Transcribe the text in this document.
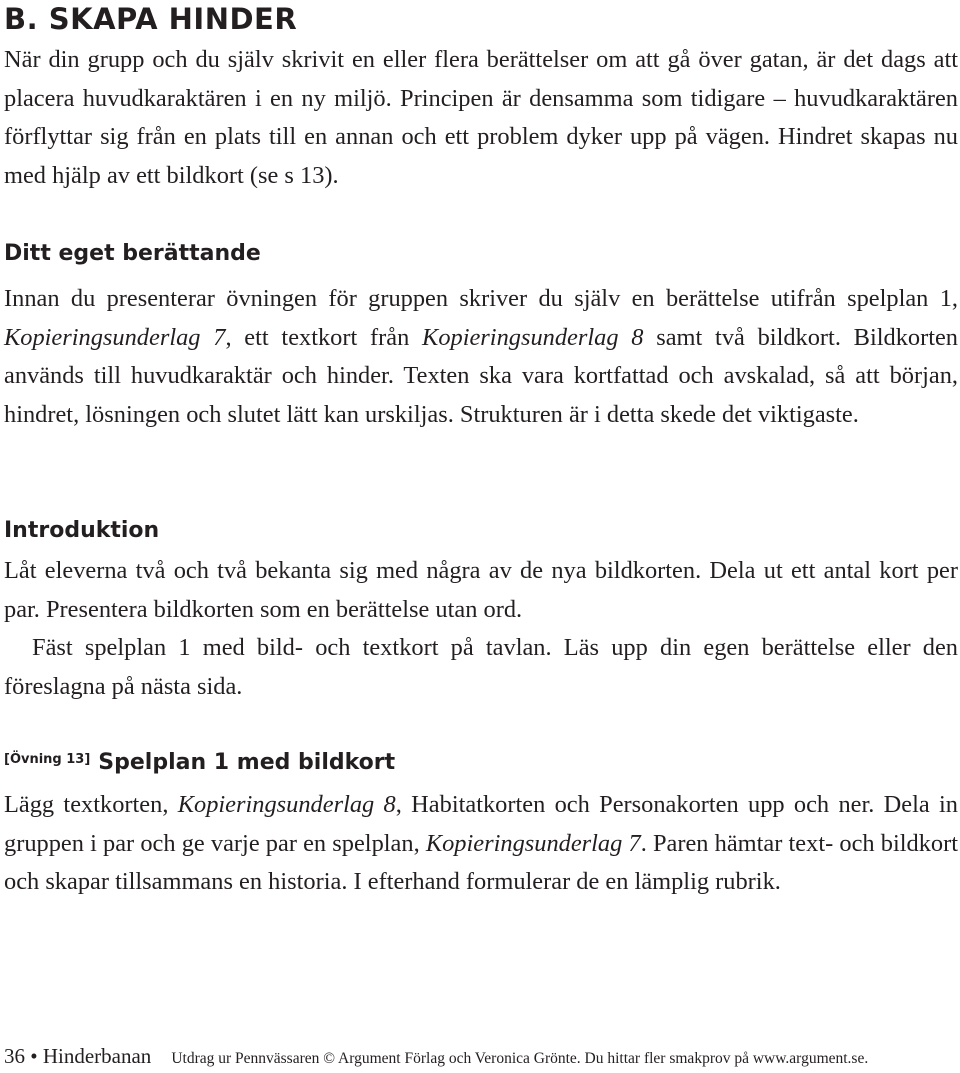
B. SKAPA HINDER

När din grupp och du själv skrivit en eller flera berättelser om att gå över gatan, är det dags att placera huvudkaraktären i en ny miljö. Principen är densamma som tidigare – huvudkaraktären förflyttar sig från en plats till en annan och ett problem dyker upp på vägen. Hindret skapas nu med hjälp av ett bildkort (se s 13).

Ditt eget berättande

Innan du presenterar övningen för gruppen skriver du själv en berättelse utifrån spelplan 1, Kopieringsunderlag 7, ett textkort från Kopieringsunderlag 8 samt två bildkort. Bildkorten används till huvudkaraktär och hinder. Texten ska vara kortfattad och avskalad, så att början, hindret, lösningen och slutet lätt kan urskiljas. Strukturen är i detta skede det viktigaste.

Introduktion

Låt eleverna två och två bekanta sig med några av de nya bildkorten. Dela ut ett antal kort per par. Presentera bildkorten som en berättelse utan ord.

Fäst spelplan 1 med bild- och textkort på tavlan. Läs upp din egen berättelse eller den föreslagna på nästa sida.

[Övning 13] Spelplan 1 med bildkort

Lägg textkorten, Kopieringsunderlag 8, Habitatkorten och Personakorten upp och ner. Dela in gruppen i par och ge varje par en spelplan, Kopieringsunderlag 7. Paren hämtar text- och bildkort och skapar tillsammans en historia. I efterhand formulerar de en lämplig rubrik.

36 • Hinderbanan Utdrag ur Pennvässaren © Argument Förlag och Veronica Grönte. Du hittar fler smakprov på www.argument.se.
